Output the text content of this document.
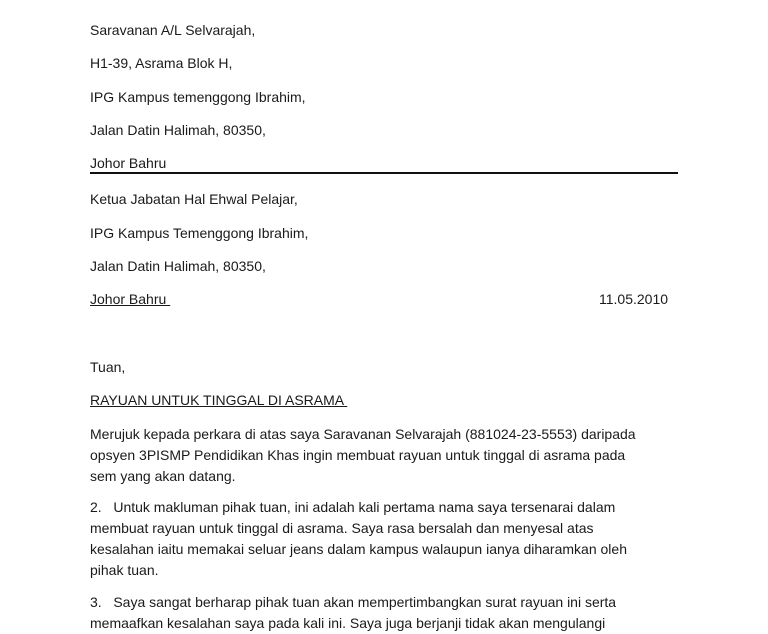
Saravanan A/L Selvarajah,
H1-39, Asrama Blok H,
IPG Kampus temenggong Ibrahim,
Jalan Datin Halimah, 80350,
Johor Bahru
Ketua Jabatan Hal Ehwal Pelajar,
IPG Kampus Temenggong Ibrahim,
Jalan Datin Halimah, 80350,
Johor Bahru	11.05.2010
Tuan,
RAYUAN UNTUK TINGGAL DI ASRAMA
Merujuk kepada perkara di atas saya Saravanan Selvarajah (881024-23-5553) daripada
opsyen 3PISMP Pendidikan Khas ingin membuat rayuan untuk tinggal di asrama pada
sem yang akan datang.
2.   Untuk makluman pihak tuan, ini adalah kali pertama nama saya tersenarai dalam
membuat rayuan untuk tinggal di asrama. Saya rasa bersalah dan menyesal atas
kesalahan iaitu memakai seluar jeans dalam kampus walaupun ianya diharamkan oleh
pihak tuan.
3.   Saya sangat berharap pihak tuan akan mempertimbangkan surat rayuan ini serta
memaafkan kesalahan saya pada kali ini. Saya juga berjanji tidak akan mengulangi
